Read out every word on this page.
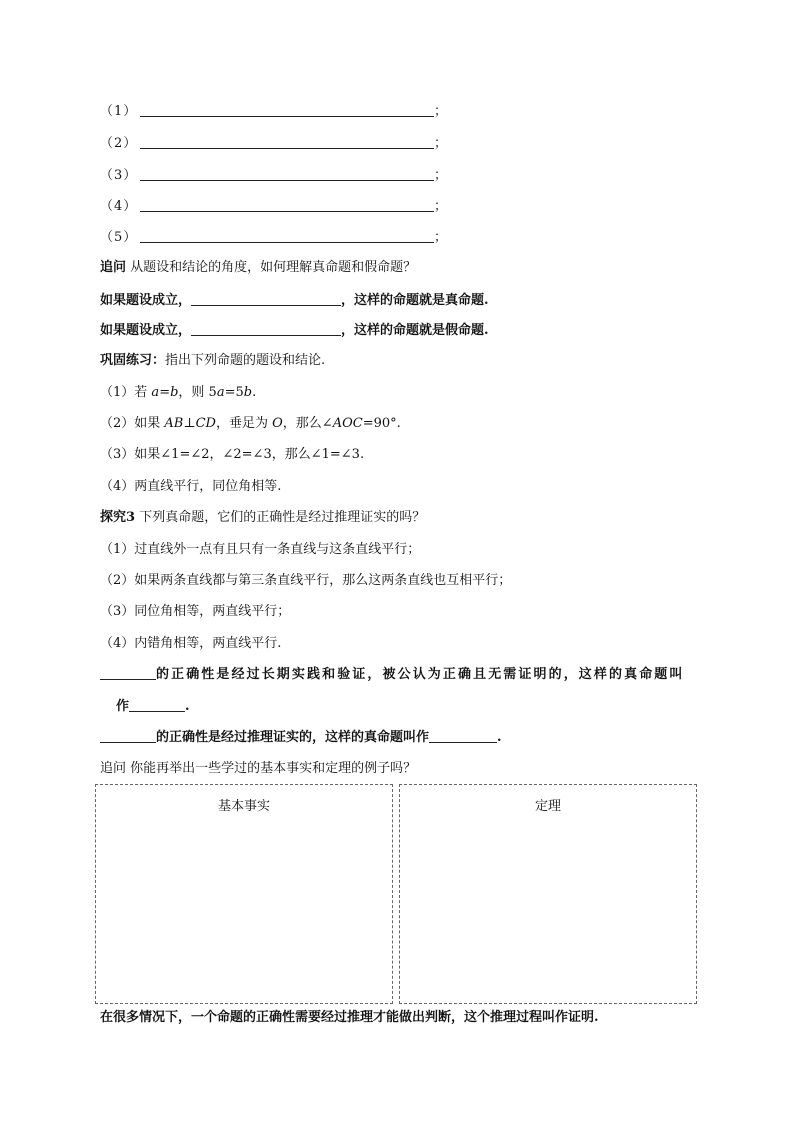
（1）	；
（2）	；
（3）	；
（4）	；
（5）	；
追问 从题设和结论的角度，如何理解真命题和假命题？
如果题设成立，	，这样的命题就是真命题.
如果题设成立，	，这样的命题就是假命题.
巩固练习：指出下列命题的题设和结论.
（1）若 a=b，则 5a=5b.
（2）如果 AB⊥CD，垂足为 O，那么∠AOC=90°.
（3）如果∠1=∠2，∠2=∠3，那么∠1=∠3.
（4）两直线平行，同位角相等.
探究3 下列真命题，它们的正确性是经过推理证实的吗？
（1）过直线外一点有且只有一条直线与这条直线平行；
（2）如果两条直线都与第三条直线平行，那么这两条直线也互相平行；
（3）同位角相等，两直线平行；
（4）内错角相等，两直线平行.
的正确性是经过长期实践和验证，被公认为正确且无需证明的，这样的真命题叫
作	.
的正确性是经过推理证实的，这样的真命题叫作	.
追问 你能再举出一些学过的基本事实和定理的例子吗？
基本事实	定理
在很多情况下，一个命题的正确性需要经过推理才能做出判断，这个推理过程叫作证明.
